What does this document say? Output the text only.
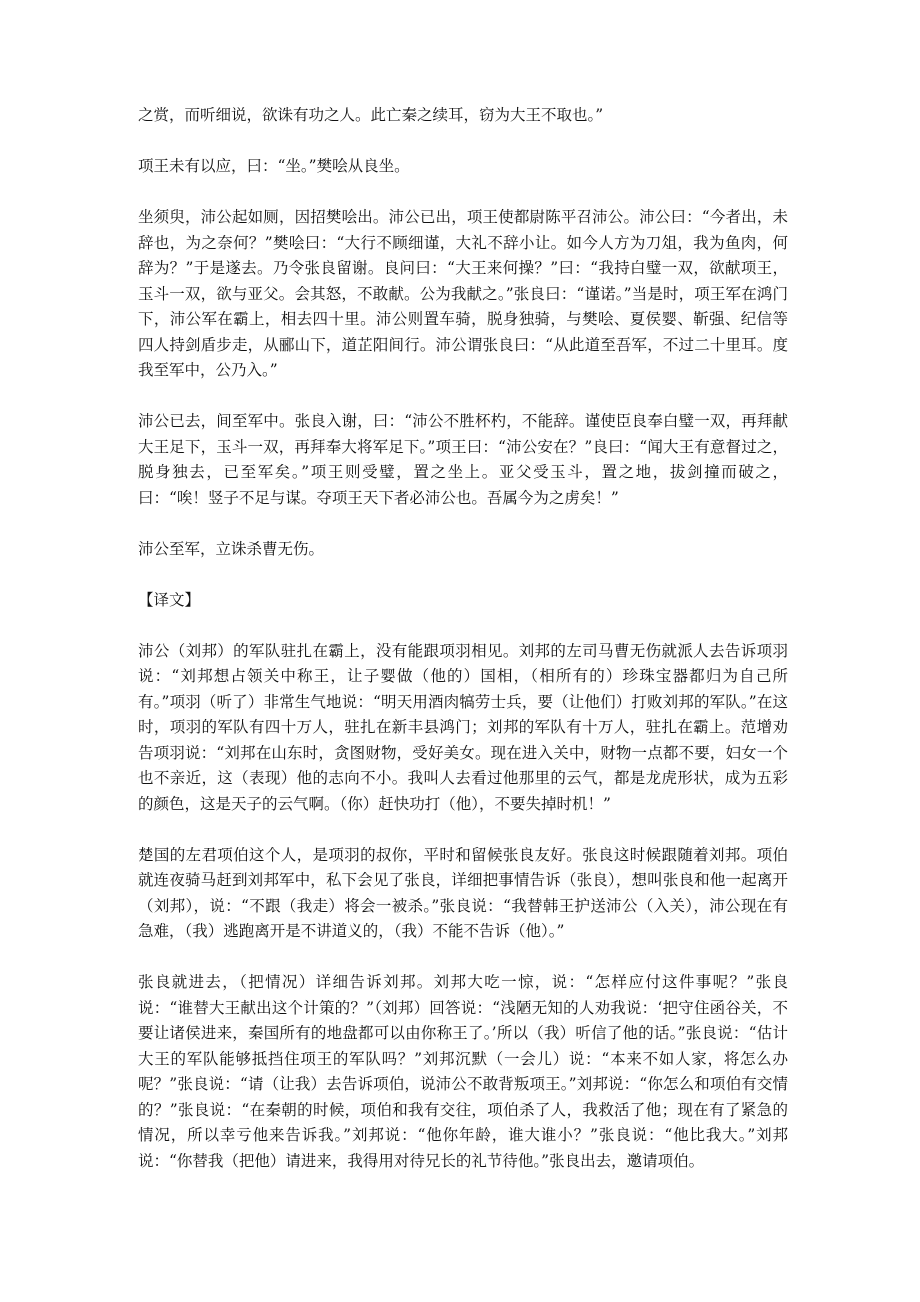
之赏，而听细说，欲诛有功之人。此亡秦之续耳，窃为大王不取也。”

项王未有以应，曰：“坐。”樊哙从良坐。

坐须臾，沛公起如厕，因招樊哙出。沛公已出，项王使都尉陈平召沛公。沛公曰：“今者出，未辞也，为之奈何？”樊哙曰：“大行不顾细谨，大礼不辞小让。如今人方为刀俎，我为鱼肉，何辞为？”于是遂去。乃令张良留谢。良问曰：“大王来何操？”曰：“我持白璧一双，欲献项王，玉斗一双，欲与亚父。会其怒，不敢献。公为我献之。”张良曰：“谨诺。”当是时，项王军在鸿门下，沛公军在霸上，相去四十里。沛公则置车骑，脱身独骑，与樊哙、夏侯婴、靳强、纪信等四人持剑盾步走，从郦山下，道芷阳间行。沛公谓张良曰：“从此道至吾军，不过二十里耳。度我至军中，公乃入。”

沛公已去，间至军中。张良入谢，曰：“沛公不胜杯杓，不能辞。谨使臣良奉白璧一双，再拜献大王足下，玉斗一双，再拜奉大将军足下。”项王曰：“沛公安在？”良曰：“闻大王有意督过之，脱身独去，已至军矣。”项王则受璧，置之坐上。亚父受玉斗，置之地，拔剑撞而破之，曰：“唉！竖子不足与谋。夺项王天下者必沛公也。吾属今为之虏矣！”

沛公至军，立诛杀曹无伤。

【译文】

沛公（刘邦）的军队驻扎在霸上，没有能跟项羽相见。刘邦的左司马曹无伤就派人去告诉项羽说：“刘邦想占领关中称王，让子婴做（他的）国相，（相所有的）珍珠宝器都归为自己所有。”项羽（听了）非常生气地说：“明天用酒肉犒劳士兵，要（让他们）打败刘邦的军队。”在这时，项羽的军队有四十万人，驻扎在新丰县鸿门；刘邦的军队有十万人，驻扎在霸上。范增劝告项羽说：“刘邦在山东时，贪图财物，受好美女。现在进入关中，财物一点都不要，妇女一个也不亲近，这（表现）他的志向不小。我叫人去看过他那里的云气，都是龙虎形状，成为五彩的颜色，这是天子的云气啊。（你）赶快功打（他），不要失掉时机！”

楚国的左君项伯这个人，是项羽的叔你，平时和留候张良友好。张良这时候跟随着刘邦。项伯就连夜骑马赶到刘邦军中，私下会见了张良，详细把事情告诉（张良），想叫张良和他一起离开（刘邦），说：“不跟（我走）将会一被杀。”张良说：“我替韩王护送沛公（入关），沛公现在有急难，（我）逃跑离开是不讲道义的，（我）不能不告诉（他）。”

张良就进去，（把情况）详细告诉刘邦。刘邦大吃一惊，说：“怎样应付这件事呢？”张良说：“谁替大王献出这个计策的？”（刘邦）回答说：“浅陋无知的人劝我说：‘把守住函谷关，不要让诸侯进来，秦国所有的地盘都可以由你称王了。’所以（我）听信了他的话。”张良说：“估计大王的军队能够抵挡住项王的军队吗？”刘邦沉默（一会儿）说：“本来不如人家，将怎么办呢？”张良说：“请（让我）去告诉项伯，说沛公不敢背叛项王。”刘邦说：“你怎么和项伯有交情的？”张良说：“在秦朝的时候，项伯和我有交往，项伯杀了人，我救活了他；现在有了紧急的情况，所以幸亏他来告诉我。”刘邦说：“他你年龄，谁大谁小？”张良说：“他比我大。”刘邦说：“你替我（把他）请进来，我得用对待兄长的礼节待他。”张良出去，邀请项伯。
